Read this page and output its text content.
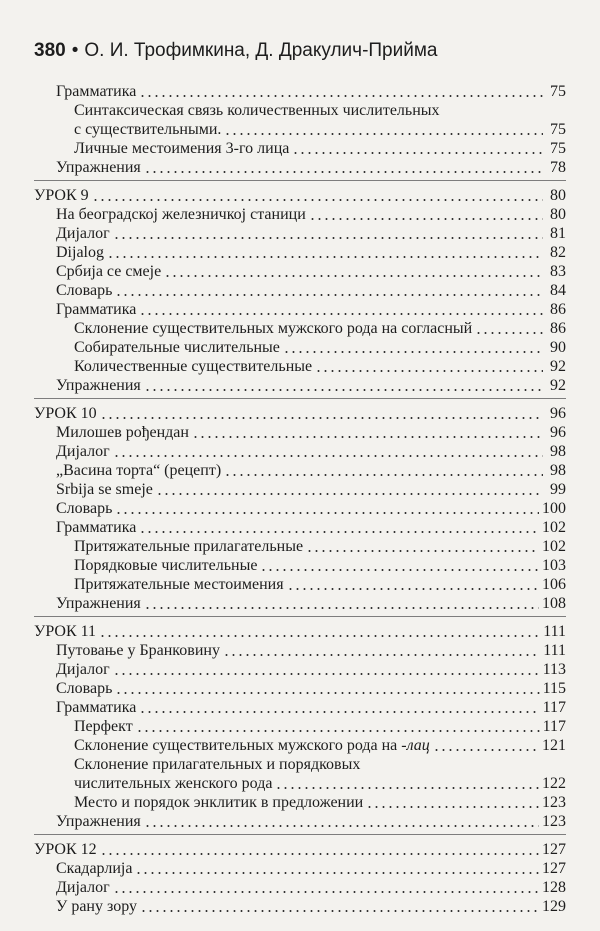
380 • О. И. Трофимкина, Д. Дракулич-Прийма
Грамматика	75
Синтаксическая связь количественных числительных
с существительными.	75
Личные местоимения 3-го лица	75
Упражнения	78
УРОК 9	80
На београдској железничкој станици	80
Дијалог	81
Dijalog	82
Србија се смеје	83
Словарь	84
Грамматика	86
Склонение существительных мужского рода на согласный	86
Собирательные числительные	90
Количественные существительные	92
Упражнения	92
УРОК 10	96
Милошев рођендан	96
Дијалог	98
„Васина торта“ (рецепт)	98
Srbija se smeje	99
Словарь	100
Грамматика	102
Притяжательные прилагательные	102
Порядковые числительные	103
Притяжательные местоимения	106
Упражнения	108
УРОК 11	111
Путовање у Бранковину	111
Дијалог	113
Словарь	115
Грамматика	117
Перфект	117
Склонение существительных мужского рода на -лац	121
Склонение прилагательных и порядковых
числительных женского рода	122
Место и порядок энклитик в предложении	123
Упражнения	123
УРОК 12	127
Скадарлија	127
Дијалог	128
У рану зору	129
